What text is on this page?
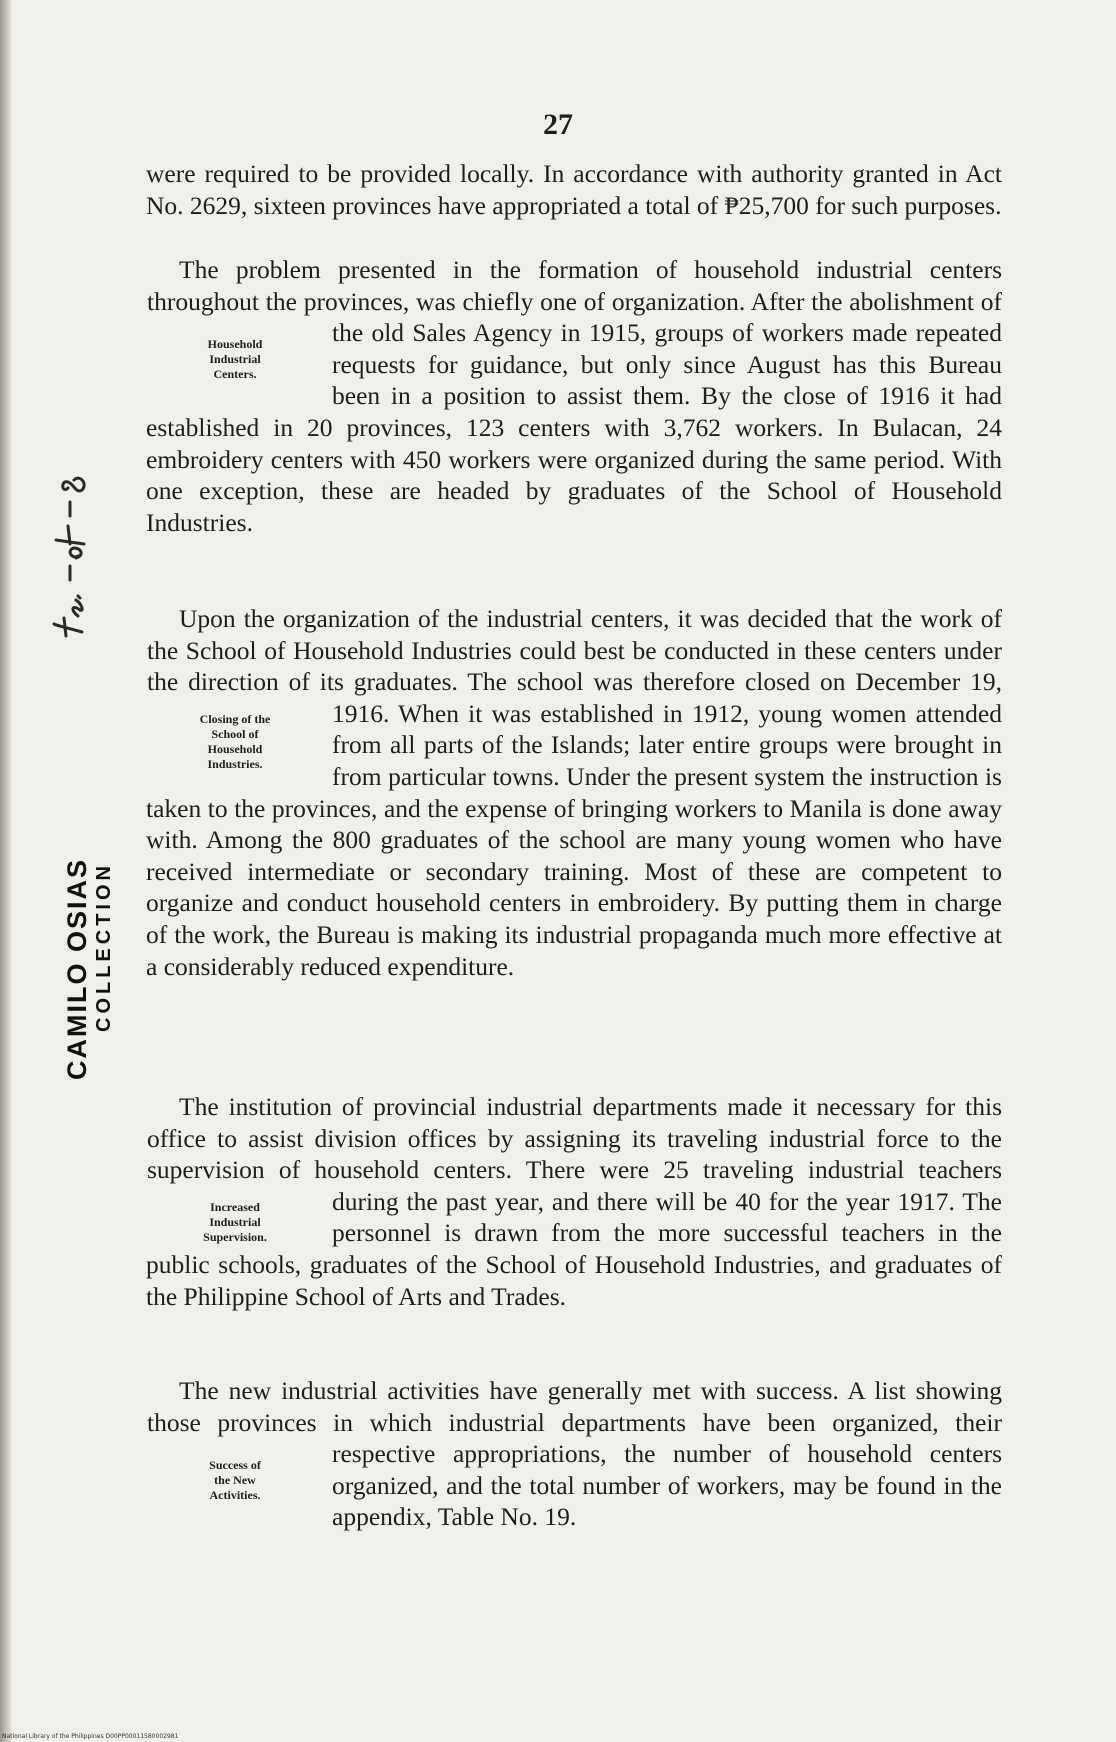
27

were required to be provided locally. In accordance with authority granted in Act No. 2629, sixteen provinces have appropriated a total of ₱25,700 for such purposes.

Household
Industrial
Centers.

The problem presented in the formation of household industrial centers throughout the provinces, was chiefly one of organization. After the abolishment of the old Sales Agency in 1915, groups of workers made repeated requests for guidance, but only since August has this Bureau been in a position to assist them. By the close of 1916 it had established in 20 provinces, 123 centers with 3,762 workers. In Bulacan, 24 embroidery centers with 450 workers were organized during the same period. With one exception, these are headed by graduates of the School of Household Industries.

Closing of the
School of
Household
Industries.

Upon the organization of the industrial centers, it was decided that the work of the School of Household Industries could best be conducted in these centers under the direction of its graduates. The school was therefore closed on December 19, 1916. When it was established in 1912, young women attended from all parts of the Islands; later entire groups were brought in from particular towns. Under the present system the instruction is taken to the provinces, and the expense of bringing workers to Manila is done away with. Among the 800 graduates of the school are many young women who have received intermediate or secondary training. Most of these are competent to organize and conduct household centers in embroidery. By putting them in charge of the work, the Bureau is making its industrial propaganda much more effective at a considerably reduced expenditure.

Increased
Industrial
Supervision.

The institution of provincial industrial departments made it necessary for this office to assist division offices by assigning its traveling industrial force to the supervision of household centers. There were 25 traveling industrial teachers during the past year, and there will be 40 for the year 1917. The personnel is drawn from the more successful teachers in the public schools, graduates of the School of Household Industries, and graduates of the Philippine School of Arts and Trades.

Success of
the New
Activities.

The new industrial activities have generally met with success. A list showing those provinces in which industrial departments have been organized, their respective appropriations, the number of household centers organized, and the total number of workers, may be found in the appendix, Table No. 19.

CAMILO OSIAS COLLECTION
National Library of the Philippines D00PP00011580002981
